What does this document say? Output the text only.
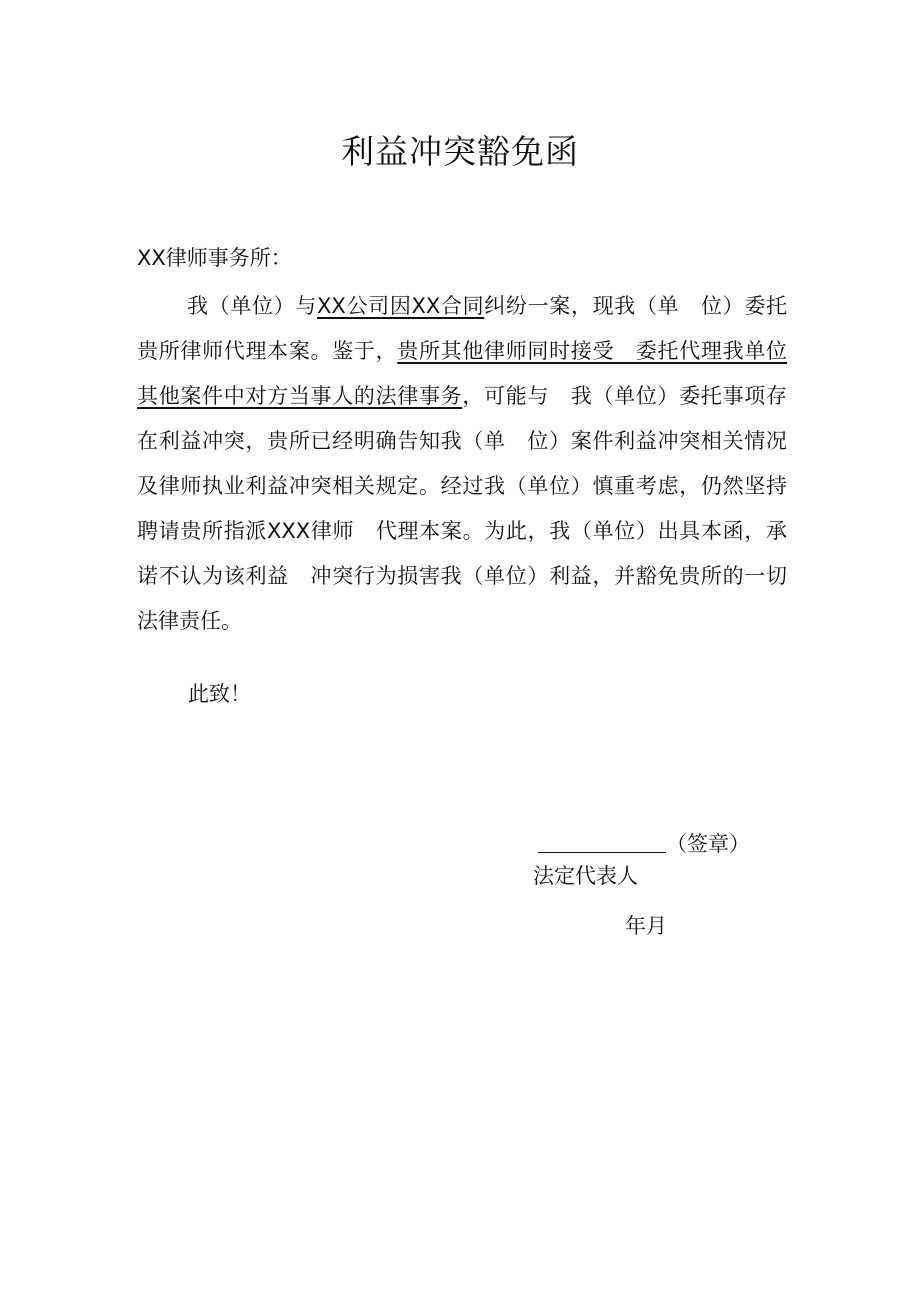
利益冲突豁免函
XX律师事务所：

我（单位）与XX公司因XX合同纠纷一案，现我（单　位）委托贵所律师代理本案。鉴于，贵所其他律师同时接受　委托代理我单位其他案件中对方当事人的法律事务，可能与　我（单位）委托事项存在利益冲突，贵所已经明确告知我（单　位）案件利益冲突相关情况及律师执业利益冲突相关规定。经过我（单位）慎重考虑，仍然坚持聘请贵所指派XXX律师　代理本案。为此，我（单位）出具本函，承诺不认为该利益　冲突行为损害我（单位）利益，并豁免贵所的一切法律责任。

此致！
（签章）
法定代表人
年月
